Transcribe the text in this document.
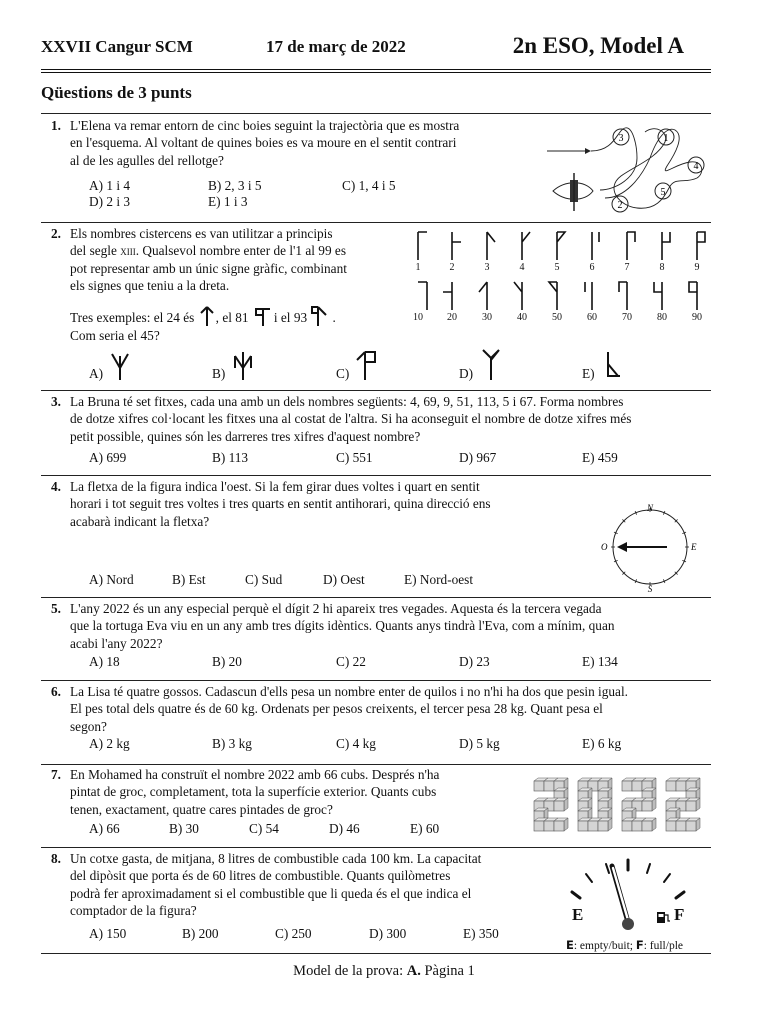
XXVII Cangur SCM	17 de març de 2022	2n ESO, Model A
Qüestions de 3 punts
1. L'Elena va remar entorn de cinc boies seguint la trajectòria que es mostra
en l'esquema. Al voltant de quines boies es va moure en el sentit contrari
al de les agulles del rellotge?
A) 1 i 4	B) 2, 3 i 5	C) 1, 4 i 5
D) 2 i 3	E) 1 i 3
3	1
4
5
2
2. Els nombres cistercens es van utilitzar a principis
del segle xiii. Qualsevol nombre enter de l'1 al 99 es
pot representar amb un únic signe gràfic, combinant
els signes que teniu a la dreta.
Tres exemples: el 24 és , el 81 i el 93 .
Com seria el 45?
1	2	3	4	5	6	7	8	9
10 20	30	40	50	60	70	80	90
A)	B)	C)	D)	E)
3. La Bruna té set fitxes, cada una amb un dels nombres següents: 4, 69, 9, 51, 113, 5 i 67. Forma nombres
de dotze xifres col·locant les fitxes una al costat de l'altra. Si ha aconseguit el nombre de dotze xifres més
petit possible, quines són les darreres tres xifres d'aquest nombre?
A) 699	B) 113	C) 551	D) 967	E) 459
4. La fletxa de la figura indica l'oest. Si la fem girar dues voltes i quart en sentit
horari i tot seguit tres voltes i tres quarts en sentit antihorari, quina direcció ens
acabarà indicant la fletxa?
A) Nord	B) Est	C) Sud	D) Oest	E) Nord-oest
N
O	E
S
5. L'any 2022 és un any especial perquè el dígit 2 hi apareix tres vegades. Aquesta és la tercera vegada
que la tortuga Eva viu en un any amb tres dígits idèntics. Quants anys tindrà l'Eva, com a mínim, quan
acabi l'any 2022?
A) 18	B) 20	C) 22	D) 23	E) 134
6. La Lisa té quatre gossos. Cadascun d'ells pesa un nombre enter de quilos i no n'hi ha dos que pesin igual.
El pes total dels quatre és de 60 kg. Ordenats per pesos creixents, el tercer pesa 28 kg. Quant pesa el
segon?
A) 2 kg	B) 3 kg	C) 4 kg	D) 5 kg	E) 6 kg
7. En Mohamed ha construït el nombre 2022 amb 66 cubs. Després n'ha
pintat de groc, completament, tota la superfície exterior. Quants cubs
tenen, exactament, quatre cares pintades de groc?
A) 66	B) 30	C) 54	D) 46	E) 60
8. Un cotxe gasta, de mitjana, 8 litres de combustible cada 100 km. La capacitat
del dipòsit que porta és de 60 litres de combustible. Quants quilòmetres
podrà fer aproximadament si el combustible que li queda és el que indica el
comptador de la figura?
A) 150	B) 200	C) 250	D) 300	E) 350
E	F
E: empty/buit; F: full/ple
Model de la prova: A. Pàgina 1
